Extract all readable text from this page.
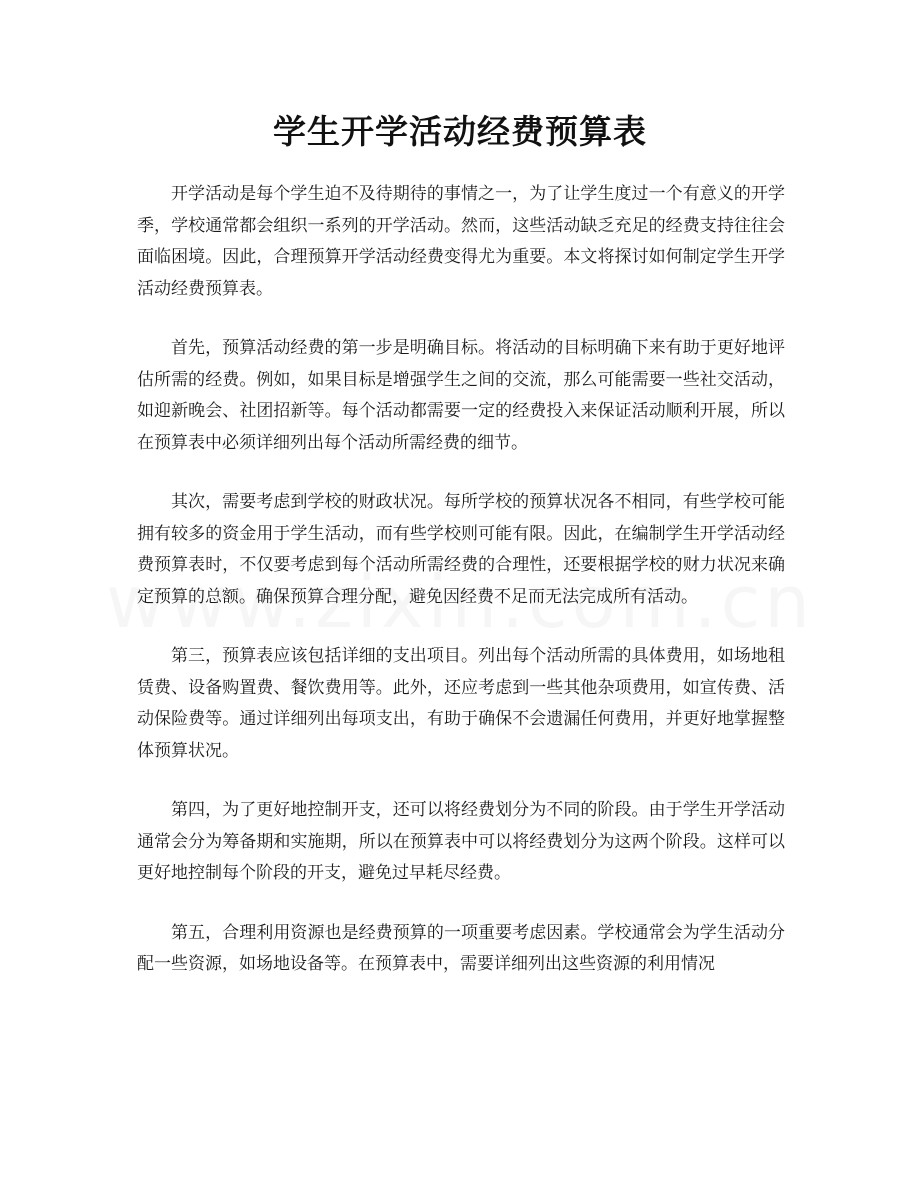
学生开学活动经费预算表

开学活动是每个学生迫不及待期待的事情之一，为了让学生度过一个有意义的开学季，学校通常都会组织一系列的开学活动。然而，这些活动缺乏充足的经费支持往往会面临困境。因此，合理预算开学活动经费变得尤为重要。本文将探讨如何制定学生开学活动经费预算表。

首先，预算活动经费的第一步是明确目标。将活动的目标明确下来有助于更好地评估所需的经费。例如，如果目标是增强学生之间的交流，那么可能需要一些社交活动，如迎新晚会、社团招新等。每个活动都需要一定的经费投入来保证活动顺利开展，所以在预算表中必须详细列出每个活动所需经费的细节。

其次，需要考虑到学校的财政状况。每所学校的预算状况各不相同，有些学校可能拥有较多的资金用于学生活动，而有些学校则可能有限。因此，在编制学生开学活动经费预算表时，不仅要考虑到每个活动所需经费的合理性，还要根据学校的财力状况来确定预算的总额。确保预算合理分配，避免因经费不足而无法完成所有活动。

第三，预算表应该包括详细的支出项目。列出每个活动所需的具体费用，如场地租赁费、设备购置费、餐饮费用等。此外，还应考虑到一些其他杂项费用，如宣传费、活动保险费等。通过详细列出每项支出，有助于确保不会遗漏任何费用，并更好地掌握整体预算状况。

第四，为了更好地控制开支，还可以将经费划分为不同的阶段。由于学生开学活动通常会分为筹备期和实施期，所以在预算表中可以将经费划分为这两个阶段。这样可以更好地控制每个阶段的开支，避免过早耗尽经费。

第五，合理利用资源也是经费预算的一项重要考虑因素。学校通常会为学生活动分配一些资源，如场地设备等。在预算表中，需要详细列出这些资源的利用情况
